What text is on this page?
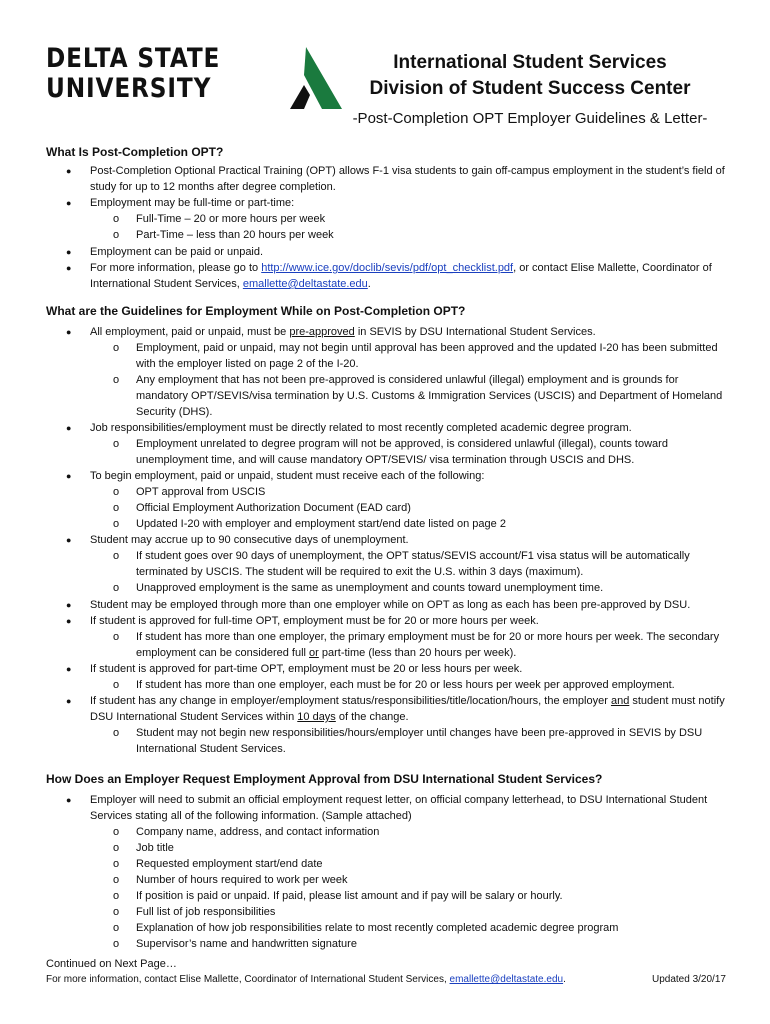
DELTA STATE
UNIVERSITY
International Student Services
Division of Student Success Center
-Post-Completion OPT Employer Guidelines & Letter-
What Is Post-Completion OPT?
● Post-Completion Optional Practical Training (OPT) allows F-1 visa students to gain off-campus employment in the student’s field of study for up to 12 months after degree completion.
● Employment may be full-time or part-time:
o Full-Time – 20 or more hours per week
o Part-Time – less than 20 hours per week
● Employment can be paid or unpaid.
● For more information, please go to http://www.ice.gov/doclib/sevis/pdf/opt_checklist.pdf, or contact Elise Mallette, Coordinator of International Student Services, emallette@deltastate.edu.
What are the Guidelines for Employment While on Post-Completion OPT?
● All employment, paid or unpaid, must be pre-approved in SEVIS by DSU International Student Services.
o Employment, paid or unpaid, may not begin until approval has been approved and the updated I-20 has been submitted with the employer listed on page 2 of the I-20.
o Any employment that has not been pre-approved is considered unlawful (illegal) employment and is grounds for mandatory OPT/SEVIS/visa termination by U.S. Customs & Immigration Services (USCIS) and Department of Homeland Security (DHS).
● Job responsibilities/employment must be directly related to most recently completed academic degree program.
o Employment unrelated to degree program will not be approved, is considered unlawful (illegal), counts toward unemployment time, and will cause mandatory OPT/SEVIS/ visa termination through USCIS and DHS.
● To begin employment, paid or unpaid, student must receive each of the following:
o OPT approval from USCIS
o Official Employment Authorization Document (EAD card)
o Updated I-20 with employer and employment start/end date listed on page 2
● Student may accrue up to 90 consecutive days of unemployment.
o If student goes over 90 days of unemployment, the OPT status/SEVIS account/F1 visa status will be automatically terminated by USCIS. The student will be required to exit the U.S. within 3 days (maximum).
o Unapproved employment is the same as unemployment and counts toward unemployment time.
● Student may be employed through more than one employer while on OPT as long as each has been pre-approved by DSU.
● If student is approved for full-time OPT, employment must be for 20 or more hours per week.
o If student has more than one employer, the primary employment must be for 20 or more hours per week. The secondary employment can be considered full or part-time (less than 20 hours per week).
● If student is approved for part-time OPT, employment must be 20 or less hours per week.
o If student has more than one employer, each must be for 20 or less hours per week per approved employment.
● If student has any change in employer/employment status/responsibilities/title/location/hours, the employer and student must notify DSU International Student Services within 10 days of the change.
o Student may not begin new responsibilities/hours/employer until changes have been pre-approved in SEVIS by DSU International Student Services.
How Does an Employer Request Employment Approval from DSU International Student Services?
● Employer will need to submit an official employment request letter, on official company letterhead, to DSU International Student Services stating all of the following information. (Sample attached)
o Company name, address, and contact information
o Job title
o Requested employment start/end date
o Number of hours required to work per week
o If position is paid or unpaid. If paid, please list amount and if pay will be salary or hourly.
o Full list of job responsibilities
o Explanation of how job responsibilities relate to most recently completed academic degree program
o Supervisor’s name and handwritten signature
Continued on Next Page…
For more information, contact Elise Mallette, Coordinator of International Student Services, emallette@deltastate.edu.	Updated 3/20/17
